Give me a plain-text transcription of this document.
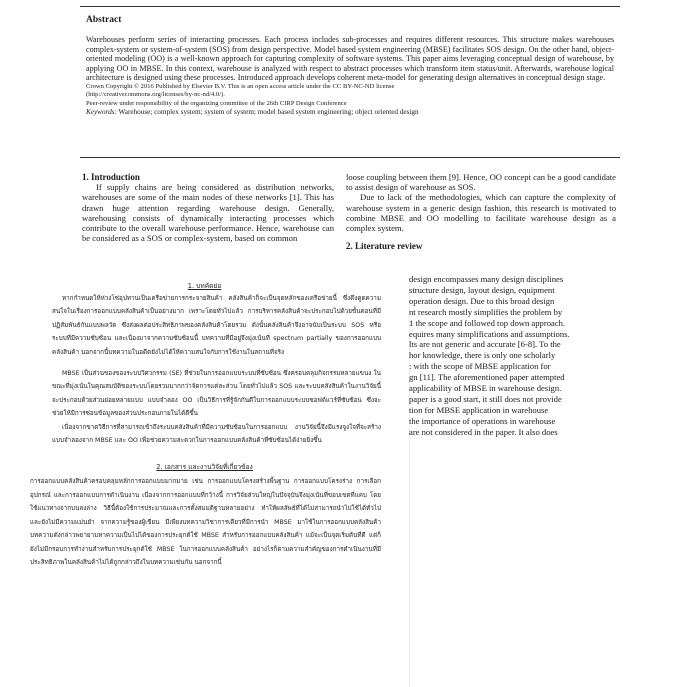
Abstract

Warehouses perform series of interacting processes. Each process includes sub-processes and requires different resources. This structure makes warehouses complex-system or system-of-system (SOS) from design perspective. Model based system engineering (MBSE) facilitates SOS design. On the other hand, object-oriented modeling (OO) is a well-known approach for capturing complexity of software systems. This paper aims leveraging conceptual design of warehouse, by applying OO in MBSE. In this context, warehouse is analyzed with respect to abstract processes which transform item status/unit. Afterwards, warehouse logical architecture is designed using these processes. Introduced approach develops coherent meta-model for generating design alternatives in conceptual design stage.

Crown Copyright © 2016 Published by Elsevier B.V. This is an open access article under the CC BY-NC-ND license

(http://creativecommons.org/licenses/by-nc-nd/4.0/).

Peer-review under responsibility of the organizing committee of the 26th CIRP Design Conference

Keywords: Warehouse; complex system; system of system; model based system engineering; object oriented design

1. Introduction

If supply chains are being considered as distribution networks, warehouses are some of the main nodes of these networks [1]. This has drawn huge attention regarding warehouse design. Generally, warehousing consists of dynamically interacting processes which contribute to the overall warehouse performance. Hence, warehouse can be considered as a SOS or complex-system, based on common

loose coupling between them [9]. Hence, OO concept can be a good candidate to assist design of warehouse as SOS.

Due to lack of the methodologies, which can capture the complexity of warehouse system in a generic design fashion, this research is motivated to combine MBSE and OO modelling to facilitate warehouse design as a complex system.

2. Literature review

design encompasses many design disciplines

structure design, layout design, equipment

operation design. Due to this broad design

nt research mostly simplifies the problem by

1 the scope and followed top down approach.

equires many simplifications and assumptions.

lts are not generic and accurate [6-8]. To the

hor knowledge, there is only one scholarly

: with the scope of MBSE application for

gn [11]. The aforementioned paper attempted

applicability of MBSE in warehouse design.

paper is a good start, it still does not provide

tion for MBSE application in warehouse

the importance of operations in warehouse

are not considered in the paper. It also does

1. บทคัดย่อ

หากกำหนดให้ห่วงโซ่อุปทานเป็นเครือข่ายการกระจายสินค้า คลังสินค้าก็จะเป็นจุดหลักของเครือข่ายนี้ ซึ่งดึงดูดความสนใจในเรื่องการออกแบบคลังสินค้าเป็นอย่างมาก เพราะโดยทั่วไปแล้ว การบริหารคลังสินค้าจะประกอบไปด้วยขั้นตอนที่มีปฏิสัมพันธ์กันแบบพลวัต ซึ่งส่งผลต่อประสิทธิภาพของคลังสินค้าโดยรวม ดังนั้นคลังสินค้าจึงอาจนับเป็นระบบ SOS หรือระบบที่มีความซับซ้อน และเนื่องมาจากความซับซ้อนนี้ บทความที่มีอยู่จึงมุ่งเน้นที่ spectrum partially ของการออกแบบคลังสินค้า นอกจากนี้บทความในอดีตยังไม่ได้ให้ความสนใจกับการใช้งานในสถานที่จริง

MBSE เป็นส่วนของของระบบวิศวกรรม (SE) ที่ช่วยในการออกแบบระบบที่ซับซ้อน ซึ่งครอบคลุมกิจกรรมหลายแขนง ในขณะที่มุ่งเน้นในคุณสมบัติของระบบโดยรวมมากกว่าจัดการแต่ละส่วน โดยทั่วไปแล้ว SOS และระบบคลังสินค้าในงานวิจัยนี้ จะประกอบด้วยส่วนย่อยหลายแบบ แบบจำลอง OO เป็นวิธีการที่รู้จักกันดีในการออกแบบระบบซอฟต์แวร์ที่ซับซ้อน ซึ่งจะช่วยให้มีการซ่อนข้อมูลของส่วนประกอบภายในได้ดีขึ้น

เนื่องจากขาดวิธีการที่สามารถเข้าถึงระบบคลังสินค้าที่มีความซับซ้อนในการออกแบบ งานวิจัยนี้จึงมีแรงจูงใจที่จะสร้างแบบจำลองจาก MBSE และ OO เพื่อช่วยความสะดวกในการออกแบบคลังสินค้าที่ซับซ้อนได้ง่ายยิ่งขึ้น

2. เอกสาร และงานวิจัยที่เกี่ยวข้อง

การออกแบบคลังสินค้าครอบคลุมหลักการออกแบบมากมาย เช่น การออกแบบโครงสร้างพื้นฐาน การออกแบบโครงร่าง การเลือกอุปกรณ์ และการออกแบบการดำเนินงาน เนื่องจากการออกแบบที่กว้างนี้ การวิจัยส่วนใหญ่ในปัจจุบันจึงมุ่งเน้นที่ขอบเขตที่แคบ โดยใช้แนวทางจากบนลงล่าง วิธีนี้ต้องใช้การประมาณและการตั้งสมมติฐานหลายอย่าง ทำให้ผลลัพธ์ที่ได้ไม่สามารถนำไปใช้ได้ทั่วไป และยังไม่มีความแม่นยำ จากความรู้ของผู้เขียน มีเพียงบทความวิชาการเดียวที่มีการนำ MBSE มาใช้ในการออกแบบคลังสินค้า บทความดังกล่าวพยายามหาความเป็นไปได้ของการประยุกต์ใช้ MBSE สำหรับการออกแบบคลังสินค้า แม้จะเป็นจุดเริ่มต้นที่ดี แต่ก็ยังไม่มีกรอบการทำงานสำหรับการประยุกต์ใช้ MBSE ในการออกแบบคลังสินค้า อย่างไรก็ตามความสำคัญของการดำเนินงานที่มีประสิทธิภาพในคลังสินค้าไม่ได้ถูกกล่าวถึงในบทความเช่นกัน นอกจากนี้
